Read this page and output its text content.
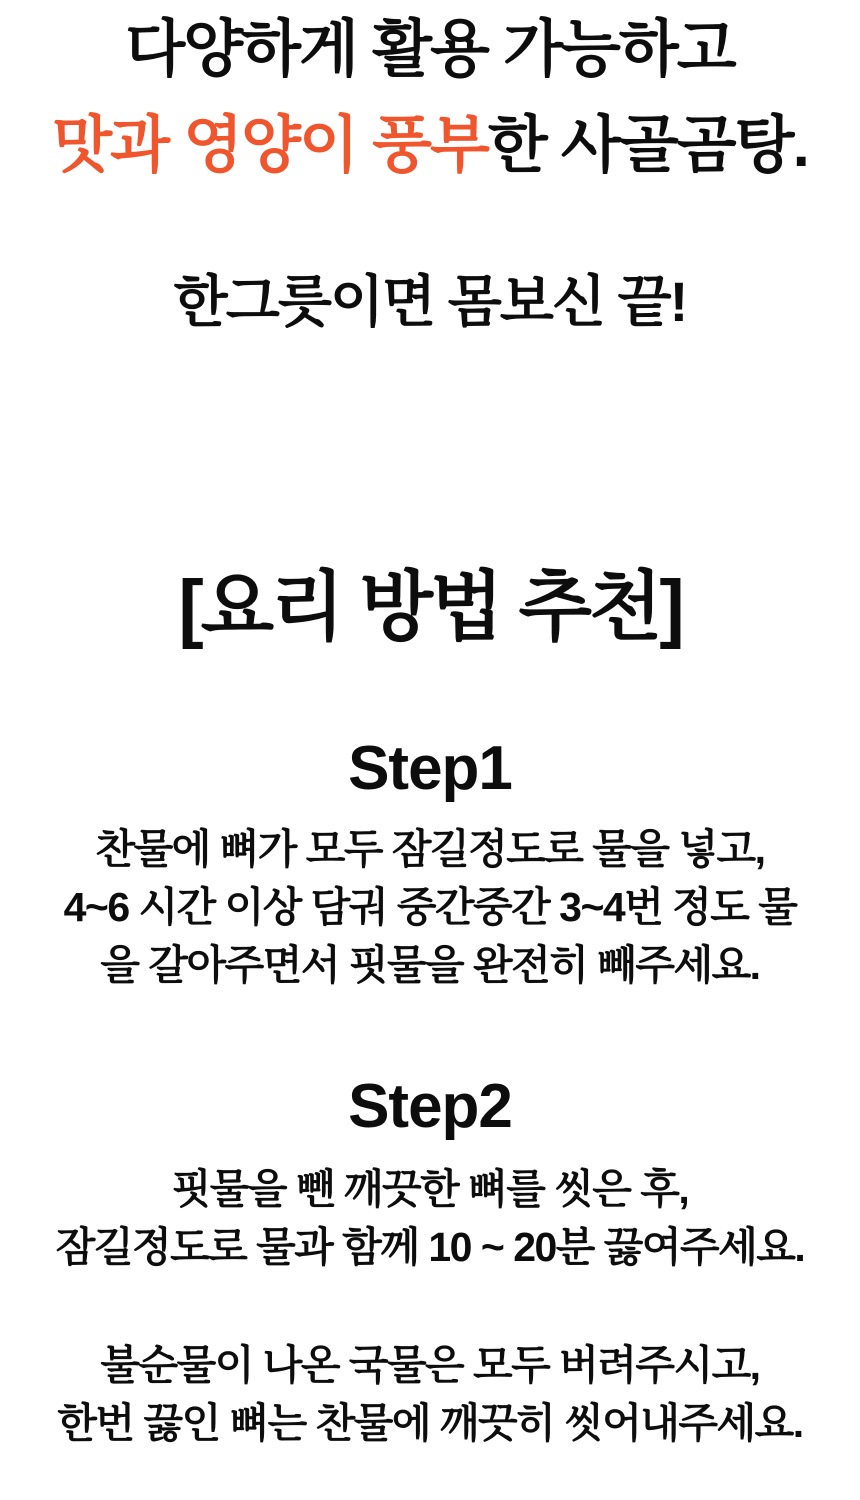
다양하게 활용 가능하고
맛과 영양이 풍부한 사골곰탕.
한그릇이면 몸보신 끝!
[요리 방법 추천]
Step1
찬물에 뼈가 모두 잠길정도로 물을 넣고,
4~6 시간 이상 담궈 중간중간 3~4번 정도 물
을 갈아주면서 핏물을 완전히 빼주세요.
Step2
핏물을 뺀 깨끗한 뼈를 씻은 후,
잠길정도로 물과 함께 10 ~ 20분 끓여주세요.
불순물이 나온 국물은 모두 버려주시고,
한번 끓인 뼈는 찬물에 깨끗히 씻어내주세요.
